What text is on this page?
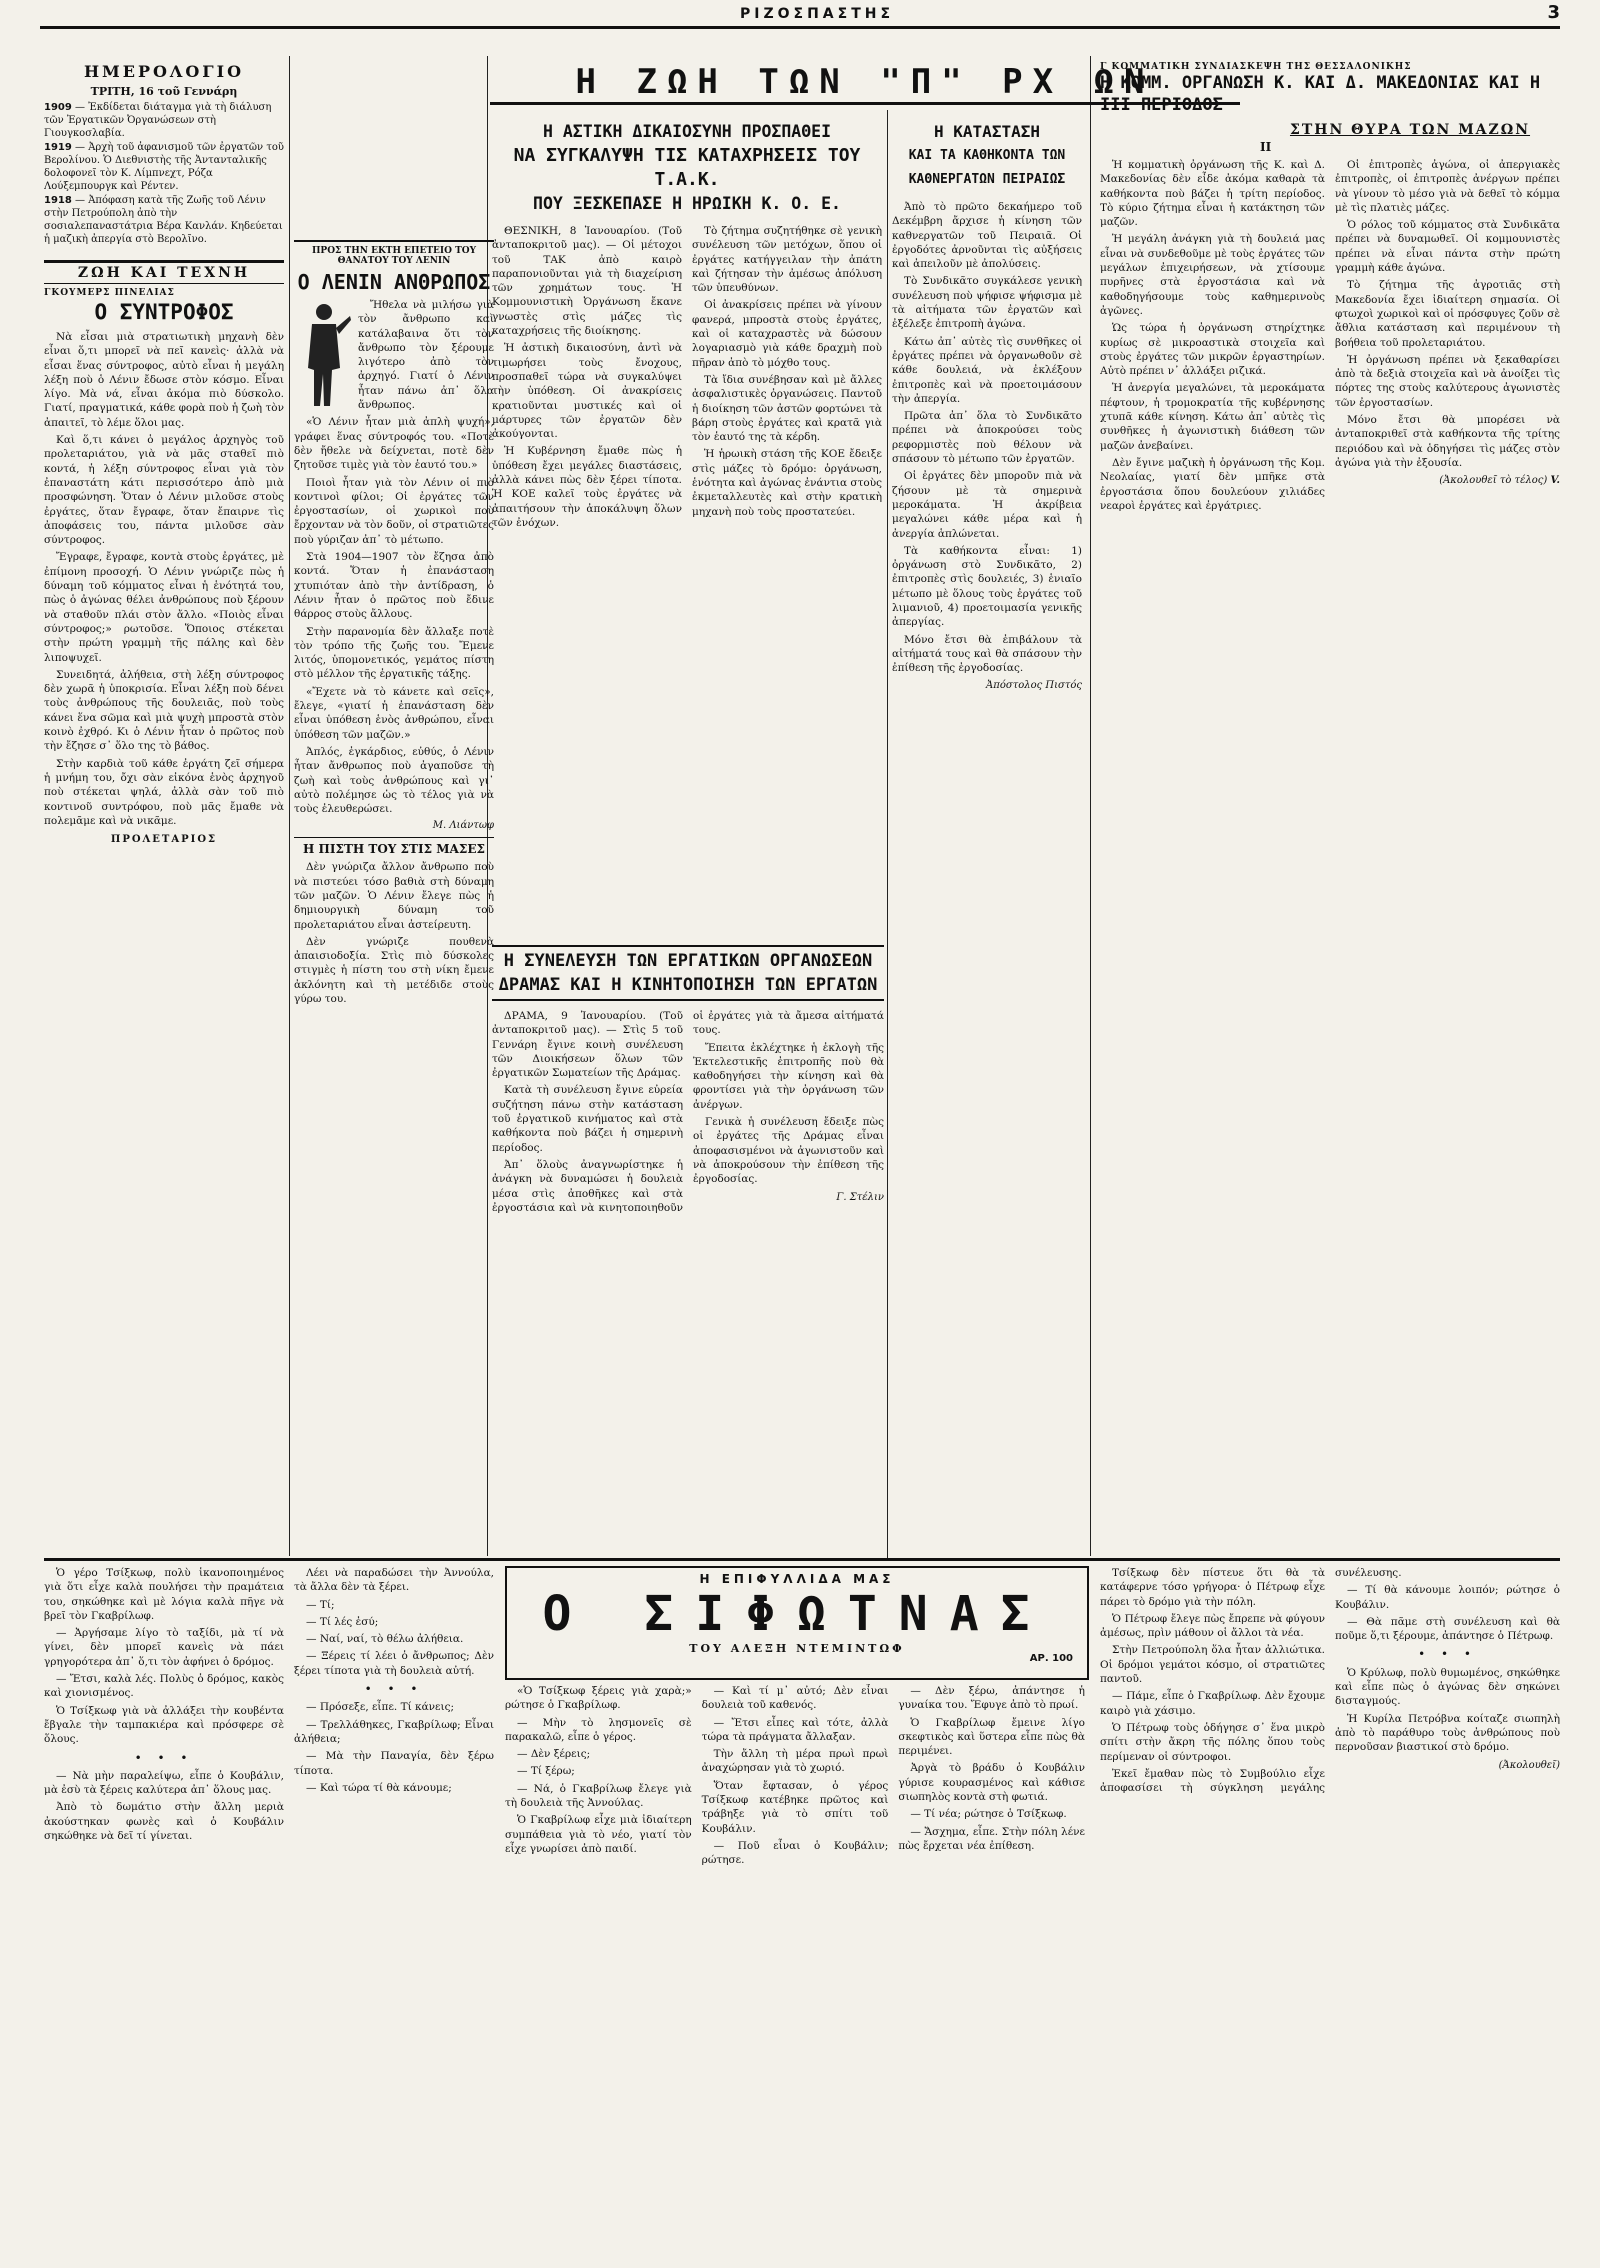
ΡΙΖΟΣΠΑΣΤΗΣ	3
ΗΜΕΡΟΛΟΓΙΟ
ΤΡΙΤΗ, 16 τοῦ Γεννάρη
1909 — Ἐκδίδεται διάταγμα γιὰ τὴ διάλυση τῶν Ἐργατικῶν Ὀργανώσεων στὴ Γιουγκοσλαβία.
1919 — Ἀρχὴ τοῦ ἀφανισμοῦ τῶν ἐργατῶν τοῦ Βερολίνου. Ὁ Διεθνιστὴς τῆς Ἀντανταλικῆς δολοφονεῖ τὸν Κ. Λίμπνεχτ, Ρόζα Λούξεμπουργκ καὶ Ρέντεν.
1918 — Ἀπόφαση κατὰ τῆς Ζωῆς τοῦ Λένιν στὴν Πετρούπολη ἀπὸ τὴν σοσιαλεπαναστάτρια Βέρα Κανλάν. Κηδεύεται ἡ μαζικὴ ἀπεργία στὸ Βερολῖνο.
ΖΩΗ ΚΑΙ ΤΕΧΝΗ
ΓΚΟΥΜΕΡΣ ΠΙΝΕΛΙΑΣ
Ο ΣΥΝΤΡΟΦΟΣ

Νὰ εἶσαι μιὰ στρατιωτικὴ μηχανὴ δὲν εἶναι ὅ,τι μπορεῖ νὰ πεῖ κανεὶς· ἀλλὰ νὰ εἶσαι ἕνας σύντροφος, αὐτὸ εἶναι ἡ μεγάλη λέξη ποὺ ὁ Λένιν ἔδωσε στὸν κόσμο. Εἶναι λίγο. Μὰ νά, εἶναι ἀκόμα πιὸ δύσκολο. Γιατί, πραγματικά, κάθε φορὰ ποὺ ἡ ζωὴ τὸν ἀπαιτεῖ, τὸ λέμε ὅλοι μας.

Καὶ ὅ,τι κάνει ὁ μεγάλος ἀρχηγὸς τοῦ προλεταριάτου, γιὰ νὰ μᾶς σταθεῖ πιὸ κοντά, ἡ λέξη σύντροφος εἶναι γιὰ τὸν ἐπαναστάτη κάτι περισσότερο ἀπὸ μιὰ προσφώνηση. Ὅταν ὁ Λένιν μιλοῦσε στοὺς ἐργάτες, ὅταν ἔγραφε, ὅταν ἔπαιρνε τὶς ἀποφάσεις του, πάντα μιλοῦσε σὰν σύντροφος.

Ἔγραφε, ἔγραφε, κοντὰ στοὺς ἐργάτες, μὲ ἐπίμονη προσοχή. Ὁ Λένιν γνώριζε πὼς ἡ δύναμη τοῦ κόμματος εἶναι ἡ ἑνότητά του, πὼς ὁ ἀγώνας θέλει ἀνθρώπους ποὺ ξέρουν νὰ σταθοῦν πλάι στὸν ἄλλο. «Ποιὸς εἶναι σύντροφος;» ρωτοῦσε. Ὅποιος στέκεται στὴν πρώτη γραμμὴ τῆς πάλης καὶ δὲν λιποψυχεῖ.

Συνειδητά, ἀλήθεια, στὴ λέξη σύντροφος δὲν χωρᾶ ἡ ὑποκρισία. Εἶναι λέξη ποὺ δένει τοὺς ἀνθρώπους τῆς δουλειᾶς, ποὺ τοὺς κάνει ἕνα σῶμα καὶ μιὰ ψυχὴ μπροστὰ στὸν κοινὸ ἐχθρό. Κι ὁ Λένιν ἦταν ὁ πρῶτος ποὺ τὴν ἔζησε σ᾽ ὅλο της τὸ βάθος.

Στὴν καρδιὰ τοῦ κάθε ἐργάτη ζεῖ σήμερα ἡ μνήμη του, ὄχι σὰν εἰκόνα ἑνὸς ἀρχηγοῦ ποὺ στέκεται ψηλά, ἀλλὰ σὰν τοῦ πιὸ κοντινοῦ συντρόφου, ποὺ μᾶς ἔμαθε νὰ πολεμᾶμε καὶ νὰ νικᾶμε.

ΠΡΟΛΕΤΑΡΙΟΣ
ΠΡΟΣ ΤΗΝ ΕΚΤΗ ΕΠΕΤΕΙΟ ΤΟΥ ΘΑΝΑΤΟΥ ΤΟΥ ΛΕΝΙΝ
Ο ΛΕΝΙΝ ΑΝΘΡΩΠΟΣ

Ἤθελα νὰ μιλήσω γιὰ τὸν ἄνθρωπο καὶ κατάλαβαινα ὅτι τὸν ἄνθρωπο τὸν ξέρουμε λιγότερο ἀπὸ τὸν ἀρχηγό. Γιατί ὁ Λένιν ἦταν πάνω ἀπ᾽ ὅλα ἄνθρωπος.

«Ὁ Λένιν ἦταν μιὰ ἀπλὴ ψυχή», γράφει ἕνας σύντροφός του. «Ποτὲ δὲν ἤθελε νὰ δείχνεται, ποτὲ δὲν ζητοῦσε τιμὲς γιὰ τὸν ἑαυτό του.»

Ποιοὶ ἦταν γιὰ τὸν Λένιν οἱ πιὸ κοντινοὶ φίλοι; Οἱ ἐργάτες τῶν ἐργοστασίων, οἱ χωρικοὶ ποὺ ἔρχονταν νὰ τὸν δοῦν, οἱ στρατιῶτες ποὺ γύριζαν ἀπ᾽ τὸ μέτωπο.

Στὰ 1904—1907 τὸν ἔζησα ἀπὸ κοντά. Ὅταν ἡ ἐπανάσταση χτυπιόταν ἀπὸ τὴν ἀντίδραση, ὁ Λένιν ἦταν ὁ πρῶτος ποὺ ἔδινε θάρρος στοὺς ἄλλους.

Στὴν παρανομία δὲν ἄλλαξε ποτὲ τὸν τρόπο τῆς ζωῆς του. Ἔμενε λιτός, ὑπομονετικός, γεμάτος πίστη στὸ μέλλον τῆς ἐργατικῆς τάξης.

«Ἔχετε νὰ τὸ κάνετε καὶ σεῖς», ἔλεγε, «γιατί ἡ ἐπανάσταση δὲν εἶναι ὑπόθεση ἑνὸς ἀνθρώπου, εἶναι ὑπόθεση τῶν μαζῶν.»

Ἀπλός, ἐγκάρδιος, εὐθύς, ὁ Λένιν ἦταν ἄνθρωπος ποὺ ἀγαποῦσε τὴ ζωὴ καὶ τοὺς ἀνθρώπους καὶ γι᾽ αὐτὸ πολέμησε ὡς τὸ τέλος γιὰ νὰ τοὺς ἐλευθερώσει.

Μ. Λιάντωφ
Η ΠΙΣΤΗ ΤΟΥ ΣΤΙΣ ΜΑΣΕΣ

Δὲν γνώριζα ἄλλον ἄνθρωπο ποὺ νὰ πιστεύει τόσο βαθιὰ στὴ δύναμη τῶν μαζῶν. Ὁ Λένιν ἔλεγε πὼς ἡ δημιουργικὴ δύναμη τοῦ προλεταριάτου εἶναι ἀστείρευτη.

Δὲν γνώριζε πουθενὰ ἀπαισιοδοξία. Στὶς πιὸ δύσκολες στιγμὲς ἡ πίστη του στὴ νίκη ἔμενε ἀκλόνητη καὶ τὴ μετέδιδε στοὺς γύρω του.

Η ΖΩΗ ΤΩΝ "Π" ΡΧ ΩΝ
Η ΑΣΤΙΚΗ ΔΙΚΑΙΟΣΥΝΗ ΠΡΟΣΠΑΘΕΙ
ΝΑ ΣΥΓΚΑΛΥΨΗ ΤΙΣ ΚΑΤΑΧΡΗΣΕΙΣ ΤΟΥ Τ.Α.Κ.
ΠΟΥ ΞΕΣΚΕΠΑΣΕ Η ΗΡΩΙΚΗ Κ. Ο. Ε.

ΘΕΣΝΙΚΗ, 8 Ἰανουαρίου. (Τοῦ ἀνταποκριτοῦ μας). — Οἱ μέτοχοι τοῦ ΤΑΚ ἀπὸ καιρὸ παραπονιοῦνται γιὰ τὴ διαχείριση τῶν χρημάτων τους. Ἡ Κομμουνιστικὴ Ὀργάνωση ἔκανε γνωστὲς στὶς μάζες τὶς καταχρήσεις τῆς διοίκησης.

Ἡ ἀστικὴ δικαιοσύνη, ἀντὶ νὰ τιμωρήσει τοὺς ἔνοχους, προσπαθεῖ τώρα νὰ συγκαλύψει τὴν ὑπόθεση. Οἱ ἀνακρίσεις κρατιοῦνται μυστικές καὶ οἱ μάρτυρες τῶν ἐργατῶν δὲν ἀκούγονται.

Ἡ Κυβέρνηση ἔμαθε πὼς ἡ ὑπόθεση ἔχει μεγάλες διαστάσεις, ἀλλὰ κάνει πὼς δὲν ξέρει τίποτα. Ἡ ΚΟΕ καλεῖ τοὺς ἐργάτες νὰ ἀπαιτήσουν τὴν ἀποκάλυψη ὅλων τῶν ἐνόχων.

Τὸ ζήτημα συζητήθηκε σὲ γενικὴ συνέλευση τῶν μετόχων, ὅπου οἱ ἐργάτες κατήγγειλαν τὴν ἀπάτη καὶ ζήτησαν τὴν ἀμέσως ἀπόλυση τῶν ὑπευθύνων.

Οἱ ἀνακρίσεις πρέπει νὰ γίνουν φανερά, μπροστὰ στοὺς ἐργάτες, καὶ οἱ καταχραστὲς νὰ δώσουν λογαριασμὸ γιὰ κάθε δραχμὴ ποὺ πῆραν ἀπὸ τὸ μόχθο τους.

Τὰ ἴδια συνέβησαν καὶ μὲ ἄλλες ἀσφαλιστικὲς ὀργανώσεις. Παντοῦ ἡ διοίκηση τῶν ἀστῶν φορτώνει τὰ βάρη στοὺς ἐργάτες καὶ κρατᾶ γιὰ τὸν ἑαυτό της τὰ κέρδη.

Ἡ ἡρωικὴ στάση τῆς ΚΟΕ ἔδειξε στὶς μάζες τὸ δρόμο: ὀργάνωση, ἑνότητα καὶ ἀγώνας ἐνάντια στοὺς ἐκμεταλλευτὲς καὶ στὴν κρατικὴ μηχανὴ ποὺ τοὺς προστατεύει.

Η ΚΑΤΑΣΤΑΣΗ
ΚΑΙ ΤΑ ΚΑΘΗΚΟΝΤΑ ΤΩΝ
ΚΑΘΝΕΡΓΑΤΩΝ ΠΕΙΡΑΙΩΣ

Ἀπὸ τὸ πρῶτο δεκαήμερο τοῦ Δεκέμβρη ἄρχισε ἡ κίνηση τῶν καθνεργατῶν τοῦ Πειραιᾶ. Οἱ ἐργοδότες ἀρνοῦνται τὶς αὐξήσεις καὶ ἀπειλοῦν μὲ ἀπολύσεις.

Τὸ Συνδικᾶτο συγκάλεσε γενικὴ συνέλευση ποὺ ψήφισε ψήφισμα μὲ τὰ αἰτήματα τῶν ἐργατῶν καὶ ἐξέλεξε ἐπιτροπὴ ἀγώνα.

Κάτω ἀπ᾽ αὐτὲς τὶς συνθῆκες οἱ ἐργάτες πρέπει νὰ ὀργανωθοῦν σὲ κάθε δουλειά, νὰ ἐκλέξουν ἐπιτροπὲς καὶ νὰ προετοιμάσουν τὴν ἀπεργία.

Πρῶτα ἀπ᾽ ὅλα τὸ Συνδικᾶτο πρέπει νὰ ἀποκρούσει τοὺς ρεφορμιστὲς ποὺ θέλουν νὰ σπάσουν τὸ μέτωπο τῶν ἐργατῶν.

Οἱ ἐργάτες δὲν μποροῦν πιὰ νὰ ζήσουν μὲ τὰ σημερινὰ μεροκάματα. Ἡ ἀκρίβεια μεγαλώνει κάθε μέρα καὶ ἡ ἀνεργία ἁπλώνεται.

Τὰ καθήκοντα εἶναι: 1) ὀργάνωση στὸ Συνδικᾶτο, 2) ἐπιτροπὲς στὶς δουλειές, 3) ἑνιαῖο μέτωπο μὲ ὅλους τοὺς ἐργάτες τοῦ λιμανιοῦ, 4) προετοιμασία γενικῆς ἀπεργίας.

Μόνο ἔτσι θὰ ἐπιβάλουν τὰ αἰτήματά τους καὶ θὰ σπάσουν τὴν ἐπίθεση τῆς ἐργοδοσίας.

Ἀπόστολος Πιστός
Γ ΚΟΜΜΑΤΙΚΗ ΣΥΝΔΙΑΣΚΕΨΗ ΤΗΣ ΘΕΣΣΑΛΟΝΙΚΗΣ
Η ΚΟΜΜ. ΟΡΓΑΝΩΣΗ Κ. ΚΑΙ Δ. ΜΑΚΕΔΟΝΙΑΣ ΚΑΙ Η ΙΙΙ ΠΕΡΙΟΔΟΣ
ΣΤΗΝ ΘΥΡΑ ΤΩΝ ΜΑΖΩΝ
II

Ἡ κομματικὴ ὀργάνωση τῆς Κ. καὶ Δ. Μακεδονίας δὲν εἶδε ἀκόμα καθαρὰ τὰ καθήκοντα ποὺ βάζει ἡ τρίτη περίοδος. Τὸ κύριο ζήτημα εἶναι ἡ κατάκτηση τῶν μαζῶν.

Ἡ μεγάλη ἀνάγκη γιὰ τὴ δουλειά μας εἶναι νὰ συνδεθοῦμε μὲ τοὺς ἐργάτες τῶν μεγάλων ἐπιχειρήσεων, νὰ χτίσουμε πυρῆνες στὰ ἐργοστάσια καὶ νὰ καθοδηγήσουμε τοὺς καθημερινοὺς ἀγῶνες.

Ὡς τώρα ἡ ὀργάνωση στηρίχτηκε κυρίως σὲ μικροαστικὰ στοιχεῖα καὶ στοὺς ἐργάτες τῶν μικρῶν ἐργαστηρίων. Αὐτὸ πρέπει ν᾽ ἀλλάξει ριζικά.

Ἡ ἀνεργία μεγαλώνει, τὰ μεροκάματα πέφτουν, ἡ τρομοκρατία τῆς κυβέρνησης χτυπᾶ κάθε κίνηση. Κάτω ἀπ᾽ αὐτὲς τὶς συνθῆκες ἡ ἀγωνιστικὴ διάθεση τῶν μαζῶν ἀνεβαίνει.

Δὲν ἔγινε μαζικὴ ἡ ὀργάνωση τῆς Κομ. Νεολαίας, γιατί δὲν μπῆκε στὰ ἐργοστάσια ὅπου δουλεύουν χιλιάδες νεαροὶ ἐργάτες καὶ ἐργάτριες.

Οἱ ἐπιτροπὲς ἀγώνα, οἱ ἀπεργιακὲς ἐπιτροπὲς, οἱ ἐπιτροπὲς ἀνέργων πρέπει νὰ γίνουν τὸ μέσο γιὰ νὰ δεθεῖ τὸ κόμμα μὲ τὶς πλατιὲς μάζες.

Ὁ ρόλος τοῦ κόμματος στὰ Συνδικᾶτα πρέπει νὰ δυναμωθεῖ. Οἱ κομμουνιστὲς πρέπει νὰ εἶναι πάντα στὴν πρώτη γραμμὴ κάθε ἀγώνα.

Τὸ ζήτημα τῆς ἀγροτιᾶς στὴ Μακεδονία ἔχει ἰδιαίτερη σημασία. Οἱ φτωχοὶ χωρικοὶ καὶ οἱ πρόσφυγες ζοῦν σὲ ἄθλια κατάσταση καὶ περιμένουν τὴ βοήθεια τοῦ προλεταριάτου.

Ἡ ὀργάνωση πρέπει νὰ ξεκαθαρίσει ἀπὸ τὰ δεξιὰ στοιχεῖα καὶ νὰ ἀνοίξει τὶς πόρτες της στοὺς καλύτερους ἀγωνιστὲς τῶν ἐργοστασίων.

Μόνο ἔτσι θὰ μπορέσει νὰ ἀνταποκριθεῖ στὰ καθήκοντα τῆς τρίτης περιόδου καὶ νὰ ὁδηγήσει τὶς μάζες στὸν ἀγώνα γιὰ τὴν ἐξουσία.

(Ἀκολουθεῖ τὸ τέλος) V.
Η ΣΥΝΕΛΕΥΣΗ ΤΩΝ ΕΡΓΑΤΙΚΩΝ ΟΡΓΑΝΩΣΕΩΝ
ΔΡΑΜΑΣ ΚΑΙ Η ΚΙΝΗΤΟΠΟΙΗΣΗ ΤΩΝ ΕΡΓΑΤΩΝ

ΔΡΑΜΑ, 9 Ἰανουαρίου. (Τοῦ ἀνταποκριτοῦ μας). — Στὶς 5 τοῦ Γεννάρη ἔγινε κοινὴ συνέλευση τῶν Διοικήσεων ὅλων τῶν ἐργατικῶν Σωματείων τῆς Δράμας.

Κατὰ τὴ συνέλευση ἔγινε εὐρεία συζήτηση πάνω στὴν κατάσταση τοῦ ἐργατικοῦ κινήματος καὶ στὰ καθήκοντα ποὺ βάζει ἡ σημερινὴ περίοδος.

Ἀπ᾽ ὅλοὺς ἀναγνωρίστηκε ἡ ἀνάγκη νὰ δυναμώσει ἡ δουλειὰ μέσα στὶς ἀποθῆκες καὶ στὰ ἐργοστάσια καὶ νὰ κινητοποιηθοῦν οἱ ἐργάτες γιὰ τὰ ἄμεσα αἰτήματά τους.

Ἔπειτα ἐκλέχτηκε ἡ ἐκλογὴ τῆς Ἐκτελεστικῆς ἐπιτροπῆς ποὺ θὰ καθοδηγήσει τὴν κίνηση καὶ θὰ φροντίσει γιὰ τὴν ὀργάνωση τῶν ἀνέργων.

Γενικὰ ἡ συνέλευση ἔδειξε πὼς οἱ ἐργάτες τῆς Δράμας εἶναι ἀποφασισμένοι νὰ ἀγωνιστοῦν καὶ νὰ ἀποκρούσουν τὴν ἐπίθεση τῆς ἐργοδοσίας.

Γ. Στέλιν

Ὁ γέρο Τσίξκωφ, πολὺ ἱκανοποιημένος γιὰ ὅτι εἶχε καλὰ πουλήσει τὴν πραμάτεια του, σηκώθηκε καὶ μὲ λόγια καλὰ πῆγε νὰ βρεῖ τὸν Γκαβρίλωφ.

— Ἀργήσαμε λίγο τὸ ταξίδι, μὰ τί νὰ γίνει, δὲν μπορεῖ κανεὶς νὰ πάει γρηγορότερα ἀπ᾽ ὅ,τι τὸν ἀφήνει ὁ δρόμος.

— Ἔτσι, καλὰ λές. Πολὺς ὁ δρόμος, κακὸς καὶ χιονισμένος.

Ὁ Τσίξκωφ γιὰ νὰ ἀλλάξει τὴν κουβέντα ἔβγαλε τὴν ταμπακιέρα καὶ πρόσφερε σὲ ὅλους.

• • •

— Νὰ μὴν παραλείψω, εἶπε ὁ Κουβάλιν, μὰ ἐσὺ τὰ ξέρεις καλύτερα ἀπ᾽ ὅλους μας.

Ἀπὸ τὸ δωμάτιο στὴν ἄλλη μεριὰ ἀκούστηκαν φωνὲς καὶ ὁ Κουβάλιν σηκώθηκε νὰ δεῖ τί γίνεται.

Λέει νὰ παραδώσει τὴν Ἀννούλα, τὰ ἄλλα δὲν τὰ ξέρει.

— Τί;

— Τί λές ἐσύ;

— Ναί, ναί, τὸ θέλω ἀλήθεια.

— Ξέρεις τί λέει ὁ ἄνθρωπος; Δὲν ξέρει τίποτα γιὰ τὴ δουλειὰ αὐτή.

• • •

— Πρόσεξε, εἶπε. Τί κάνεις;

— Τρελλάθηκες, Γκαβρίλωφ; Εἶναι ἀλήθεια;

— Μὰ τὴν Παναγία, δὲν ξέρω τίποτα.

— Καὶ τώρα τί θὰ κάνουμε;

Η ΕΠΙΦΥΛΛΙΔΑ ΜΑΣ
Ο ΣΙΦΩΤΝΑΣ
ΤΟΥ ΑΛΕΞΗ ΝΤΕΜΙΝΤΩΦ
ΑΡ. 100

«Ὁ Τσίξκωφ ξέρεις γιὰ χαρὰ;» ρώτησε ὁ Γκαβρίλωφ.

— Μὴν τὸ λησμονεῖς σὲ παρακαλῶ, εἶπε ὁ γέρος.

— Δὲν ξέρεις;

— Τί ξέρω;

— Νά, ὁ Γκαβρίλωφ ἔλεγε γιὰ τὴ δουλειὰ τῆς Ἀννούλας.

Ὁ Γκαβρίλωφ εἶχε μιὰ ἰδιαίτερη συμπάθεια γιὰ τὸ νέο, γιατί τὸν εἶχε γνωρίσει ἀπὸ παιδί.

— Καὶ τί μ᾽ αὐτό; Δὲν εἶναι δουλειὰ τοῦ καθενός.

— Ἔτσι εἶπες καὶ τότε, ἀλλὰ τώρα τὰ πράγματα ἄλλαξαν.

Τὴν ἄλλη τὴ μέρα πρωὶ πρωὶ ἀναχώρησαν γιὰ τὸ χωριό.

Ὅταν ἔφτασαν, ὁ γέρος Τσίξκωφ κατέβηκε πρῶτος καὶ τράβηξε γιὰ τὸ σπίτι τοῦ Κουβάλιν.

— Ποῦ εἶναι ὁ Κουβάλιν; ρώτησε.

— Δὲν ξέρω, ἀπάντησε ἡ γυναίκα του. Ἔφυγε ἀπὸ τὸ πρωί.

Ὁ Γκαβρίλωφ ἔμεινε λίγο σκεφτικὸς καὶ ὕστερα εἶπε πὼς θὰ περιμένει.

Ἀργὰ τὸ βράδυ ὁ Κουβάλιν γύρισε κουρασμένος καὶ κάθισε σιωπηλὸς κοντὰ στὴ φωτιά.

— Τί νέα; ρώτησε ὁ Τσίξκωφ.

— Ἄσχημα, εἶπε. Στὴν πόλη λένε πὼς ἔρχεται νέα ἐπίθεση.

Τσίξκωφ δὲν πίστευε ὅτι θὰ τὰ κατάφερνε τόσο γρήγορα· ὁ Πέτρωφ εἶχε πάρει τὸ δρόμο γιὰ τὴν πόλη.

Ὁ Πέτρωφ ἔλεγε πὼς ἔπρεπε νὰ φύγουν ἀμέσως, πρὶν μάθουν οἱ ἄλλοι τὰ νέα.

Στὴν Πετρούπολη ὅλα ἦταν ἀλλιώτικα. Οἱ δρόμοι γεμάτοι κόσμο, οἱ στρατιῶτες παντοῦ.

— Πάμε, εἶπε ὁ Γκαβρίλωφ. Δὲν ἔχουμε καιρὸ γιὰ χάσιμο.

Ὁ Πέτρωφ τοὺς ὁδήγησε σ᾽ ἕνα μικρὸ σπίτι στὴν ἄκρη τῆς πόλης ὅπου τοὺς περίμεναν οἱ σύντροφοι.

Ἐκεῖ ἔμαθαν πὼς τὸ Συμβούλιο εἶχε ἀποφασίσει τὴ σύγκληση μεγάλης συνέλευσης.

— Τί θὰ κάνουμε λοιπόν; ρώτησε ὁ Κουβάλιν.

— Θὰ πᾶμε στὴ συνέλευση καὶ θὰ ποῦμε ὅ,τι ξέρουμε, ἀπάντησε ὁ Πέτρωφ.

• • •

Ὁ Κρύλωφ, πολὺ θυμωμένος, σηκώθηκε καὶ εἶπε πὼς ὁ ἀγώνας δὲν σηκώνει δισταγμούς.

Ἡ Κυρίλα Πετρόβνα κοίταζε σιωπηλὴ ἀπὸ τὸ παράθυρο τοὺς ἀνθρώπους ποὺ περνοῦσαν βιαστικοί στὸ δρόμο.

(Ἀκολουθεῖ)
